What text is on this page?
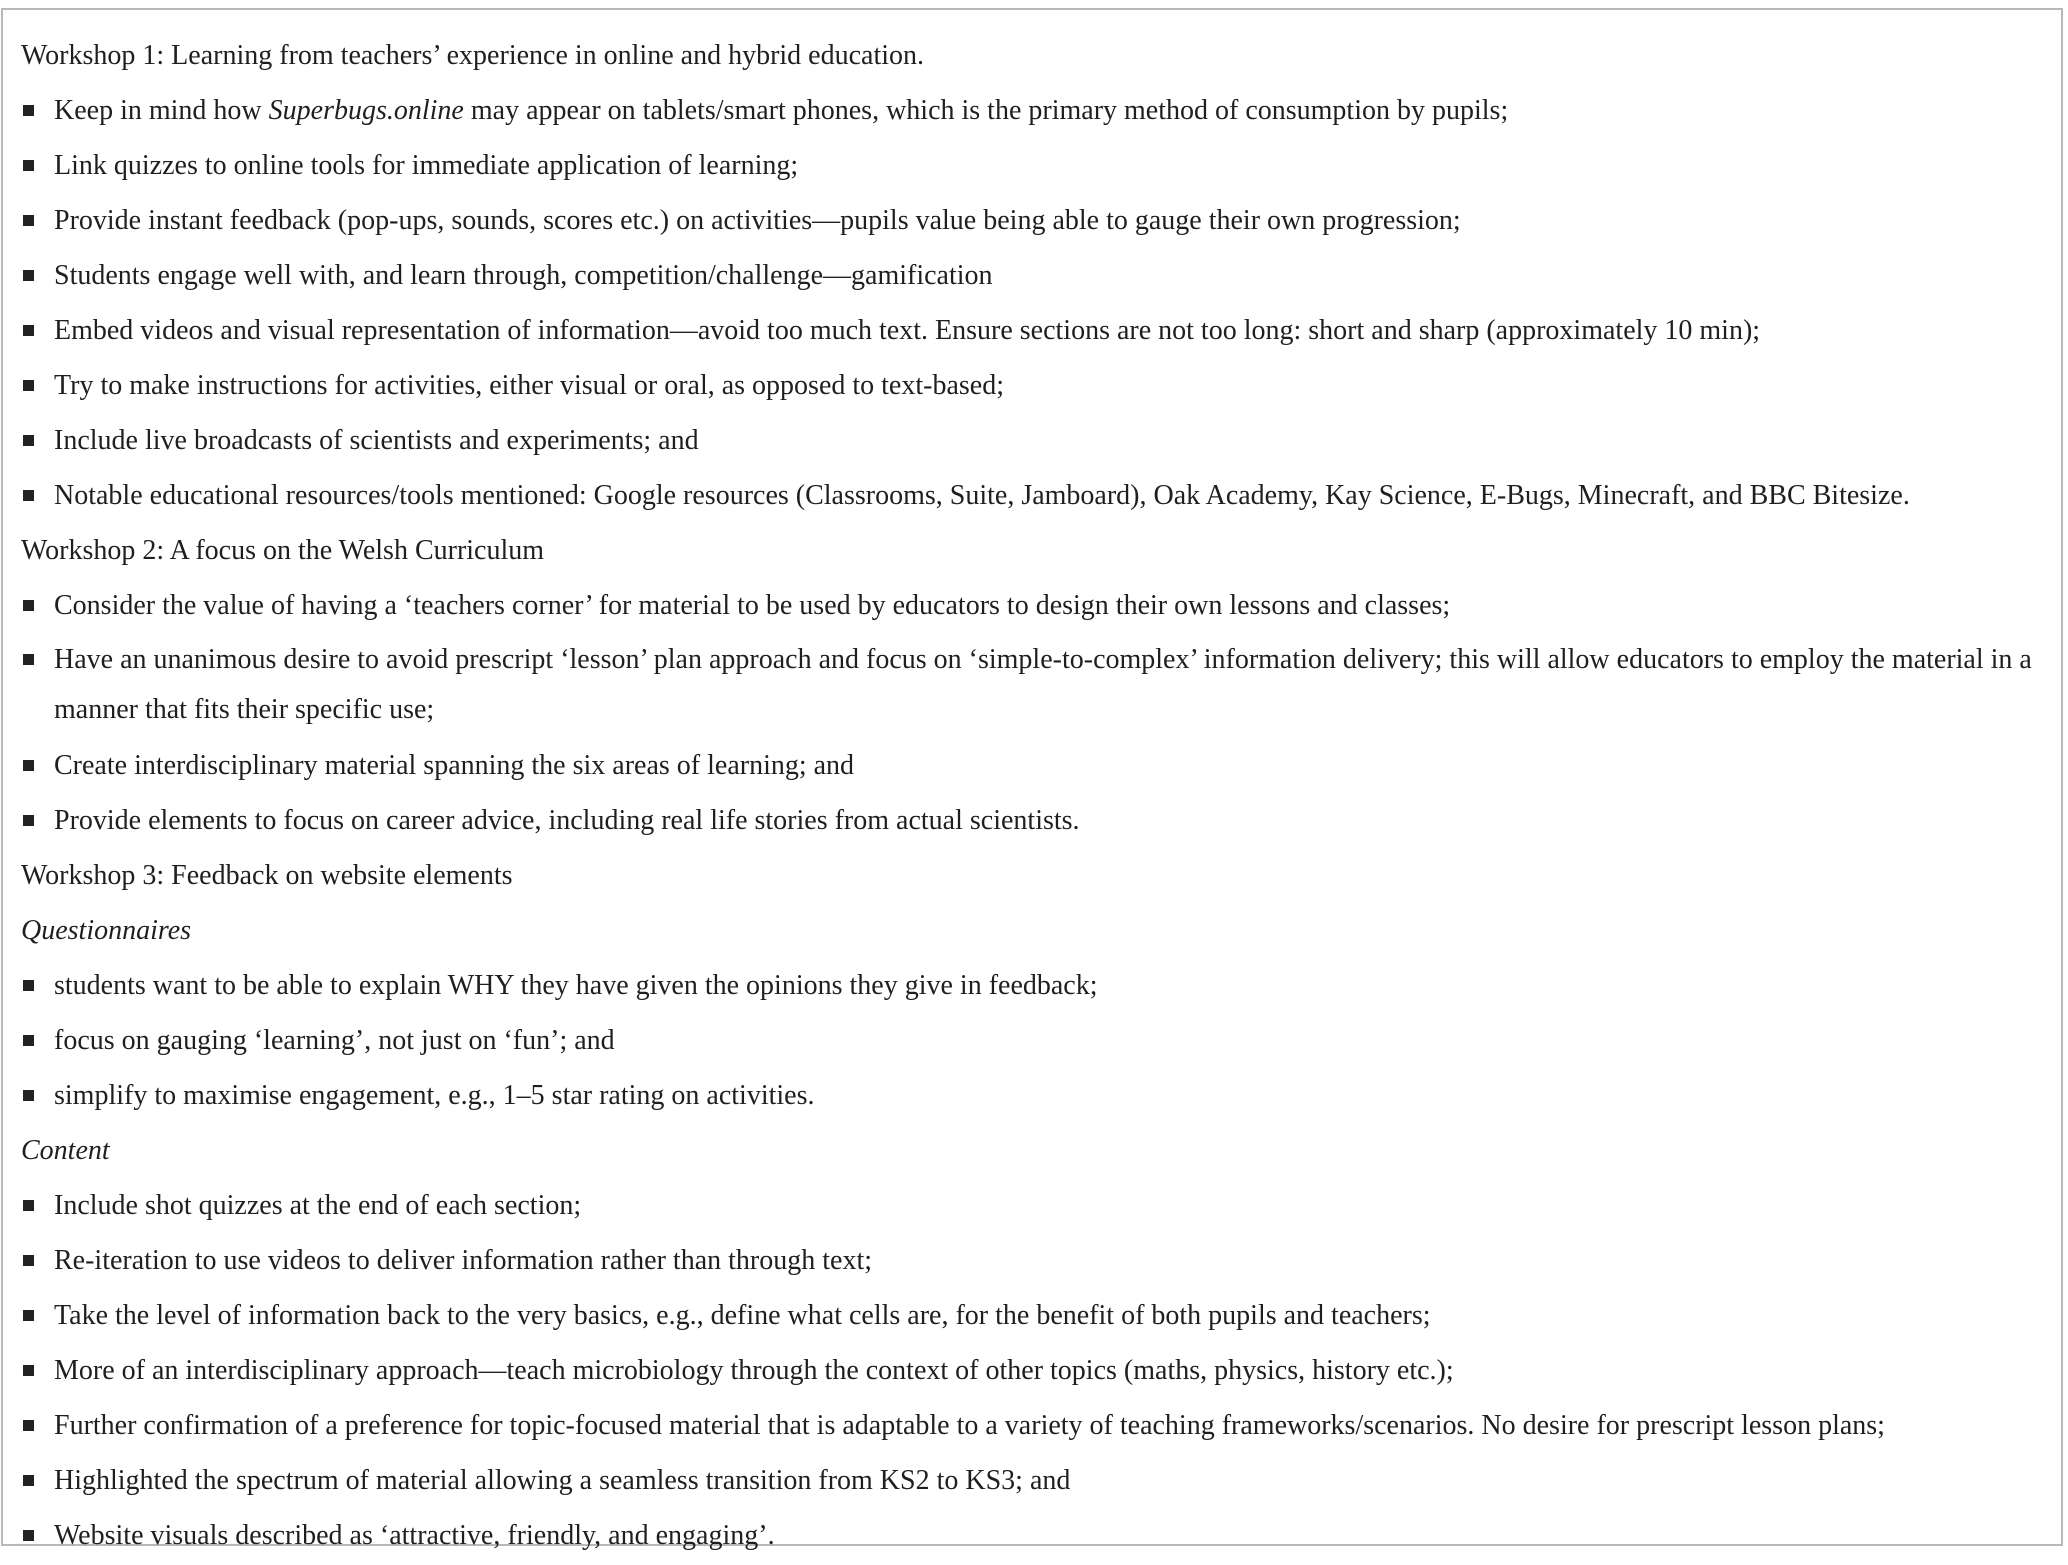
Workshop 1: Learning from teachers’ experience in online and hybrid education.
Keep in mind how Superbugs.online may appear on tablets/smart phones, which is the primary method of consumption by pupils;
Link quizzes to online tools for immediate application of learning;
Provide instant feedback (pop-ups, sounds, scores etc.) on activities—pupils value being able to gauge their own progression;
Students engage well with, and learn through, competition/challenge—gamification
Embed videos and visual representation of information—avoid too much text. Ensure sections are not too long: short and sharp (approximately 10 min);
Try to make instructions for activities, either visual or oral, as opposed to text-based;
Include live broadcasts of scientists and experiments; and
Notable educational resources/tools mentioned: Google resources (Classrooms, Suite, Jamboard), Oak Academy, Kay Science, E-Bugs, Minecraft, and BBC Bitesize.
Workshop 2: A focus on the Welsh Curriculum
Consider the value of having a ‘teachers corner’ for material to be used by educators to design their own lessons and classes;
Have an unanimous desire to avoid prescript ‘lesson’ plan approach and focus on ‘simple-to-complex’ information delivery; this will allow educators to employ the material in a manner that fits their specific use;
Create interdisciplinary material spanning the six areas of learning; and
Provide elements to focus on career advice, including real life stories from actual scientists.
Workshop 3: Feedback on website elements
Questionnaires
students want to be able to explain WHY they have given the opinions they give in feedback;
focus on gauging ‘learning’, not just on ‘fun’; and
simplify to maximise engagement, e.g., 1–5 star rating on activities.
Content
Include shot quizzes at the end of each section;
Re-iteration to use videos to deliver information rather than through text;
Take the level of information back to the very basics, e.g., define what cells are, for the benefit of both pupils and teachers;
More of an interdisciplinary approach—teach microbiology through the context of other topics (maths, physics, history etc.);
Further confirmation of a preference for topic-focused material that is adaptable to a variety of teaching frameworks/scenarios. No desire for prescript lesson plans;
Highlighted the spectrum of material allowing a seamless transition from KS2 to KS3; and
Website visuals described as ‘attractive, friendly, and engaging’.
